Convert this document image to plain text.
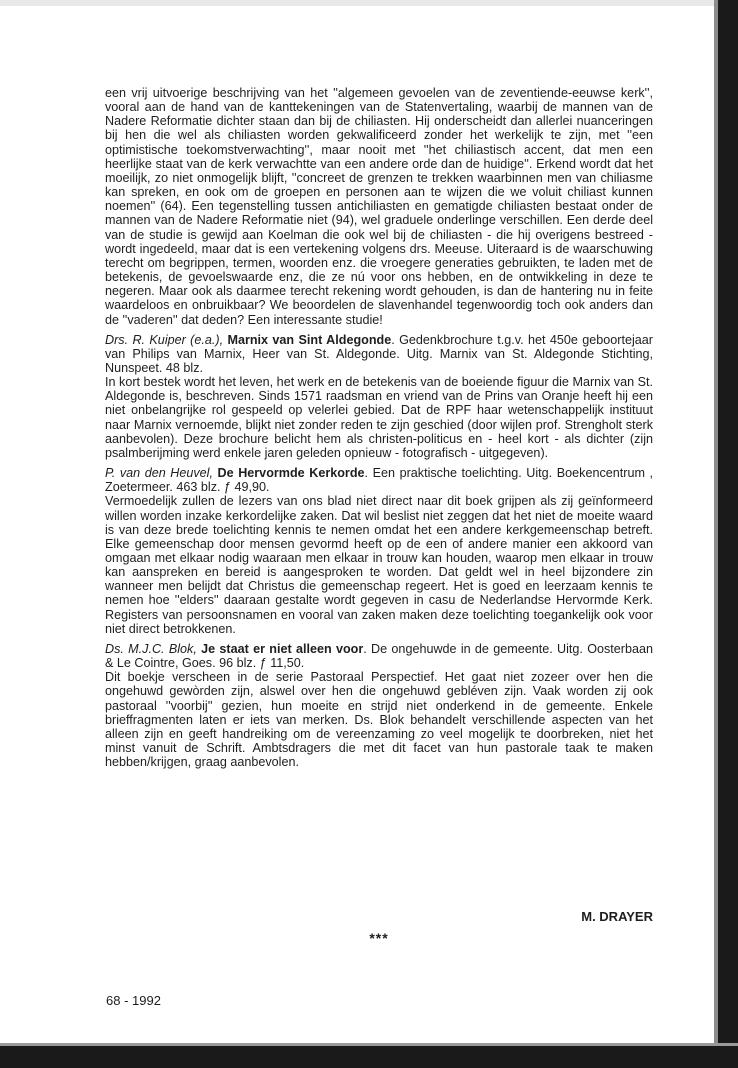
een vrij uitvoerige beschrijving van het ''algemeen gevoelen van de zeventiende-eeuwse kerk'', vooral aan de hand van de kanttekeningen van de Statenvertaling, waarbij de mannen van de Nadere Reformatie dichter staan dan bij de chiliasten. Hij onderscheidt dan allerlei nuanceringen bij hen die wel als chiliasten worden gekwalificeerd zonder het werkelijk te zijn, met ''een optimistische toekomstverwachting'', maar nooit met ''het chiliastisch accent, dat men een heerlijke staat van de kerk verwachtte van een andere orde dan de huidige''. Erkend wordt dat het moeilijk, zo niet onmogelijk blijft, ''concreet de grenzen te trekken waarbinnen men van chiliasme kan spreken, en ook om de groepen en personen aan te wijzen die we voluit chiliast kunnen noemen'' (64). Een tegenstelling tussen antichiliasten en gematigde chiliasten bestaat onder de mannen van de Nadere Reformatie niet (94), wel graduele onderlinge verschillen. Een derde deel van de studie is gewijd aan Koelman die ook wel bij de chiliasten - die hij overigens bestreed - wordt ingedeeld, maar dat is een vertekening volgens drs. Meeuse. Uiteraard is de waarschuwing terecht om begrippen, termen, woorden enz. die vroegere generaties gebruikten, te laden met de betekenis, de gevoelswaarde enz, die ze nú voor ons hebben, en de ontwikkeling in deze te negeren. Maar ook als daarmee terecht rekening wordt gehouden, is dan de hantering nu in feite waardeloos en onbruikbaar? We beoordelen de slavenhandel tegenwoordig toch ook anders dan de ''vaderen'' dat deden? Een interessante studie!

Drs. R. Kuiper (e.a.), Marnix van Sint Aldegonde. Gedenkbrochure t.g.v. het 450e geboortejaar van Philips van Marnix, Heer van St. Aldegonde. Uitg. Marnix van St. Aldegonde Stichting, Nunspeet. 48 blz.

In kort bestek wordt het leven, het werk en de betekenis van de boeiende figuur die Marnix van St. Aldegonde is, beschreven. Sinds 1571 raadsman en vriend van de Prins van Oranje heeft hij een niet onbelangrijke rol gespeeld op velerlei gebied. Dat de RPF haar wetenschappelijk instituut naar Marnix vernoemde, blijkt niet zonder reden te zijn geschied (door wijlen prof. Strengholt sterk aanbevolen). Deze brochure belicht hem als christen-politicus en - heel kort - als dichter (zijn psalmberijming werd enkele jaren geleden opnieuw - fotografisch - uitgegeven).

P. van den Heuvel, De Hervormde Kerkorde. Een praktische toelichting. Uitg. Boekencentrum , Zoetermeer. 463 blz. ƒ 49,90.

Vermoedelijk zullen de lezers van ons blad niet direct naar dit boek grijpen als zij geïnformeerd willen worden inzake kerkordelijke zaken. Dat wil beslist niet zeggen dat het niet de moeite waard is van deze brede toelichting kennis te nemen omdat het een andere kerkgemeenschap betreft. Elke gemeenschap door mensen gevormd heeft op de een of andere manier een akkoord van omgaan met elkaar nodig waaraan men elkaar in trouw kan houden, waarop men elkaar in trouw kan aanspreken en bereid is aangesproken te worden. Dat geldt wel in heel bijzondere zin wanneer men belijdt dat Christus die gemeenschap regeert. Het is goed en leerzaam kennis te nemen hoe ''elders'' daaraan gestalte wordt gegeven in casu de Nederlandse Hervormde Kerk. Registers van persoonsnamen en vooral van zaken maken deze toelichting toegankelijk ook voor niet direct betrokkenen.

Ds. M.J.C. Blok, Je staat er niet alleen voor. De ongehuwde in de gemeente. Uitg. Oosterbaan & Le Cointre, Goes. 96 blz. ƒ 11,50.

Dit boekje verscheen in de serie Pastoraal Perspectief. Het gaat niet zozeer over hen die ongehuwd gewòrden zijn, alswel over hen die ongehuwd gebléven zijn. Vaak worden zij ook pastoraal ''voorbij'' gezien, hun moeite en strijd niet onderkend in de gemeente. Enkele brieffragmenten laten er iets van merken. Ds. Blok behandelt verschillende aspecten van het alleen zijn en geeft handreiking om de vereenzaming zo veel mogelijk te doorbreken, niet het minst vanuit de Schrift. Ambtsdragers die met dit facet van hun pastorale taak te maken hebben/krijgen, graag aanbevolen.

M. DRAYER
***
68 - 1992
